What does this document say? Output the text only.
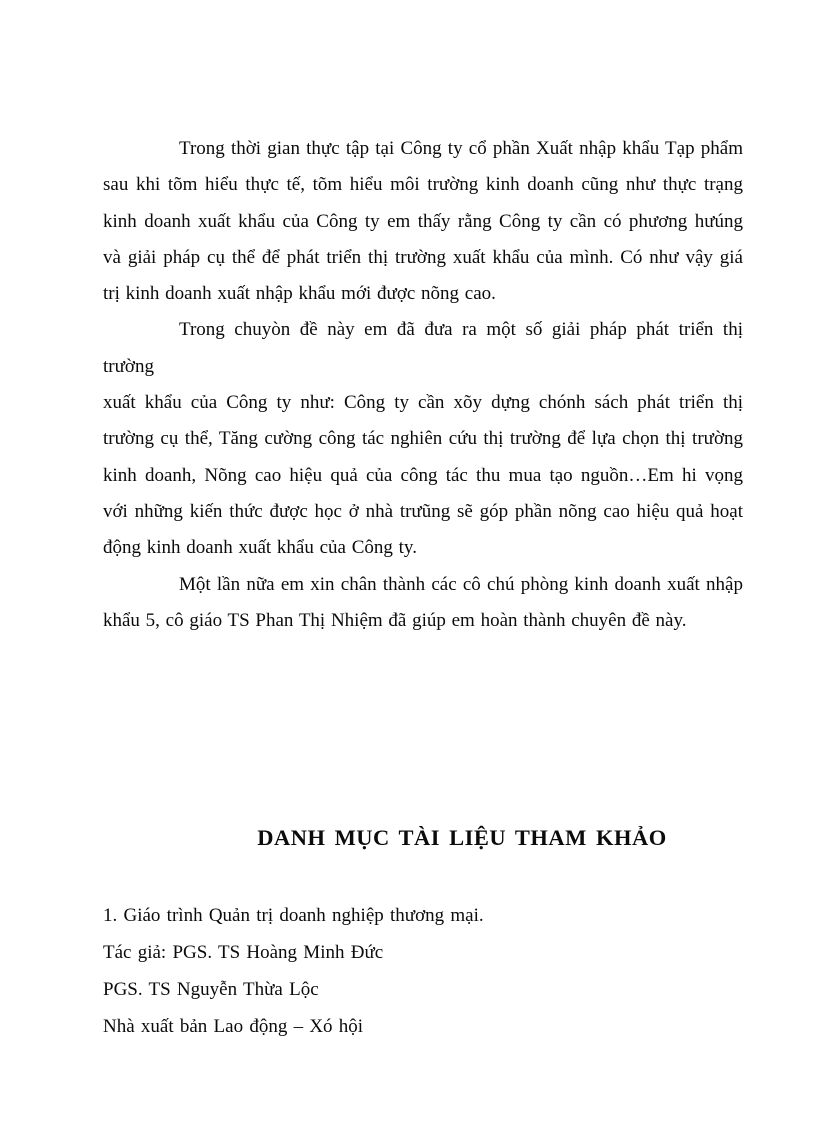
Trong thời gian thực tập tại Công ty cổ phần Xuất nhập khẩu Tạp phẩm
sau khi tõm hiểu thực tế, tõm hiểu môi trường kinh doanh cũng như thực trạng
kinh doanh xuất khẩu của Công ty em thấy rằng Công ty cần có phương hưúng
và giải pháp cụ thể để phát triển thị trường xuất khẩu của mình. Có như vậy giá
trị kinh doanh xuất nhập khẩu mới được nõng cao.
Trong chuyòn đề này em đã đưa ra một số giải pháp phát triển thị trường
xuất khẩu của Công ty như: Công ty cần xõy dựng chónh sách phát triển thị
trường cụ thể, Tăng cường công tác nghiên cứu thị trường để lựa chọn thị trường
kinh doanh, Nõng cao hiệu quả của công tác thu mua tạo nguồn…Em hi vọng
với những kiến thức được học ở nhà trưũng sẽ góp phần nõng cao hiệu quả hoạt
động kinh doanh xuất khẩu của Công ty.
Một lần nữa em xin chân thành các cô chú phòng kinh doanh xuất nhập
khẩu 5, cô giáo TS Phan Thị Nhiệm đã giúp em hoàn thành chuyên đề này.
DANH MỤC TÀI LIỆU THAM KHẢO
1. Giáo trình Quản trị doanh nghiệp thương mại.
Tác giả: PGS. TS Hoàng Minh Đức
PGS. TS Nguyễn Thừa Lộc
Nhà xuất bản Lao động – Xó hội
